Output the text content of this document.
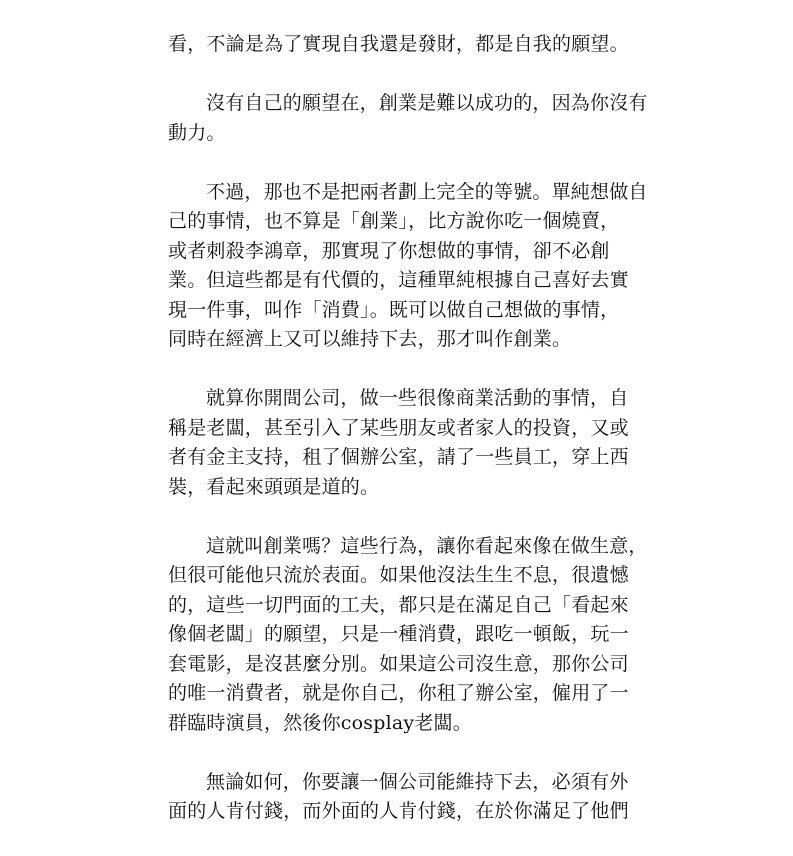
看，不論是為了實現自我還是發財，都是自我的願望。

沒有自己的願望在，創業是難以成功的，因為你沒有
動力。

不過，那也不是把兩者劃上完全的等號。單純想做自
己的事情，也不算是「創業」，比方說你吃一個燒賣，
或者刺殺李鴻章，那實現了你想做的事情，卻不必創
業。但這些都是有代價的，這種單純根據自己喜好去實
現一件事，叫作「消費」。既可以做自己想做的事情，
同時在經濟上又可以維持下去，那才叫作創業。

就算你開間公司，做一些很像商業活動的事情，自
稱是老闆，甚至引入了某些朋友或者家人的投資，又或
者有金主支持，租了個辦公室，請了一些員工，穿上西
裝，看起來頭頭是道的。

這就叫創業嗎？這些行為，讓你看起來像在做生意，
但很可能他只流於表面。如果他沒法生生不息，很遺憾
的，這些一切門面的工夫，都只是在滿足自己「看起來
像個老闆」的願望，只是一種消費，跟吃一頓飯，玩一
套電影，是沒甚麼分別。如果這公司沒生意，那你公司
的唯一消費者，就是你自己，你租了辦公室，僱用了一
群臨時演員，然後你cosplay老闆。

無論如何，你要讓一個公司能維持下去，必須有外
面的人肯付錢，而外面的人肯付錢，在於你滿足了他們
